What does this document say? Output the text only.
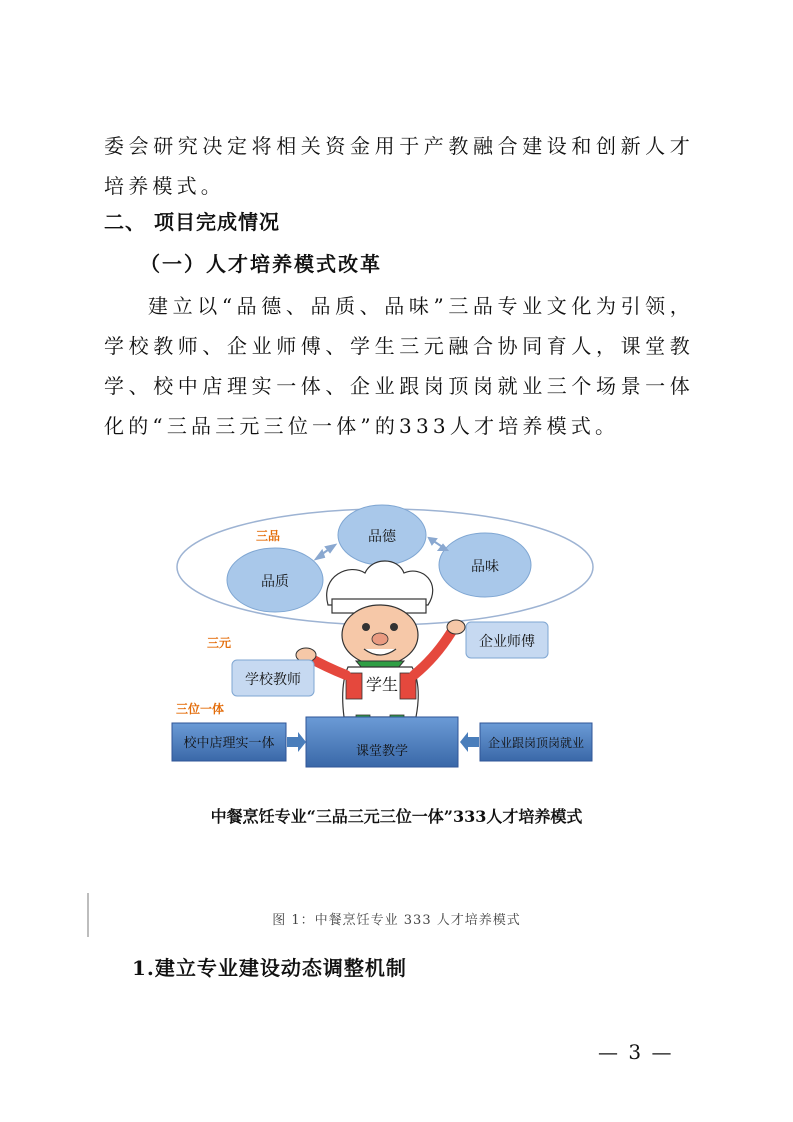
委会研究决定将相关资金用于产教融合建设和创新人才培养模式。

二、 项目完成情况

（一）人才培养模式改革

建立以“品德、品质、品味”三品专业文化为引领，学校教师、企业师傅、学生三元融合协同育人，课堂教学、校中店理实一体、企业跟岗顶岗就业三个场景一体化的“三品三元三位一体”的333人才培养模式。

品德
品质
品味
三品
三元
三位一体
学生
学校教师
企业师傅
校中店理实一体
课堂教学
企业跟岗顶岗就业

中餐烹饪专业“三品三元三位一体”333人才培养模式

图 1：中餐烹饪专业 333 人才培养模式

1.建立专业建设动态调整机制

— 3 —
